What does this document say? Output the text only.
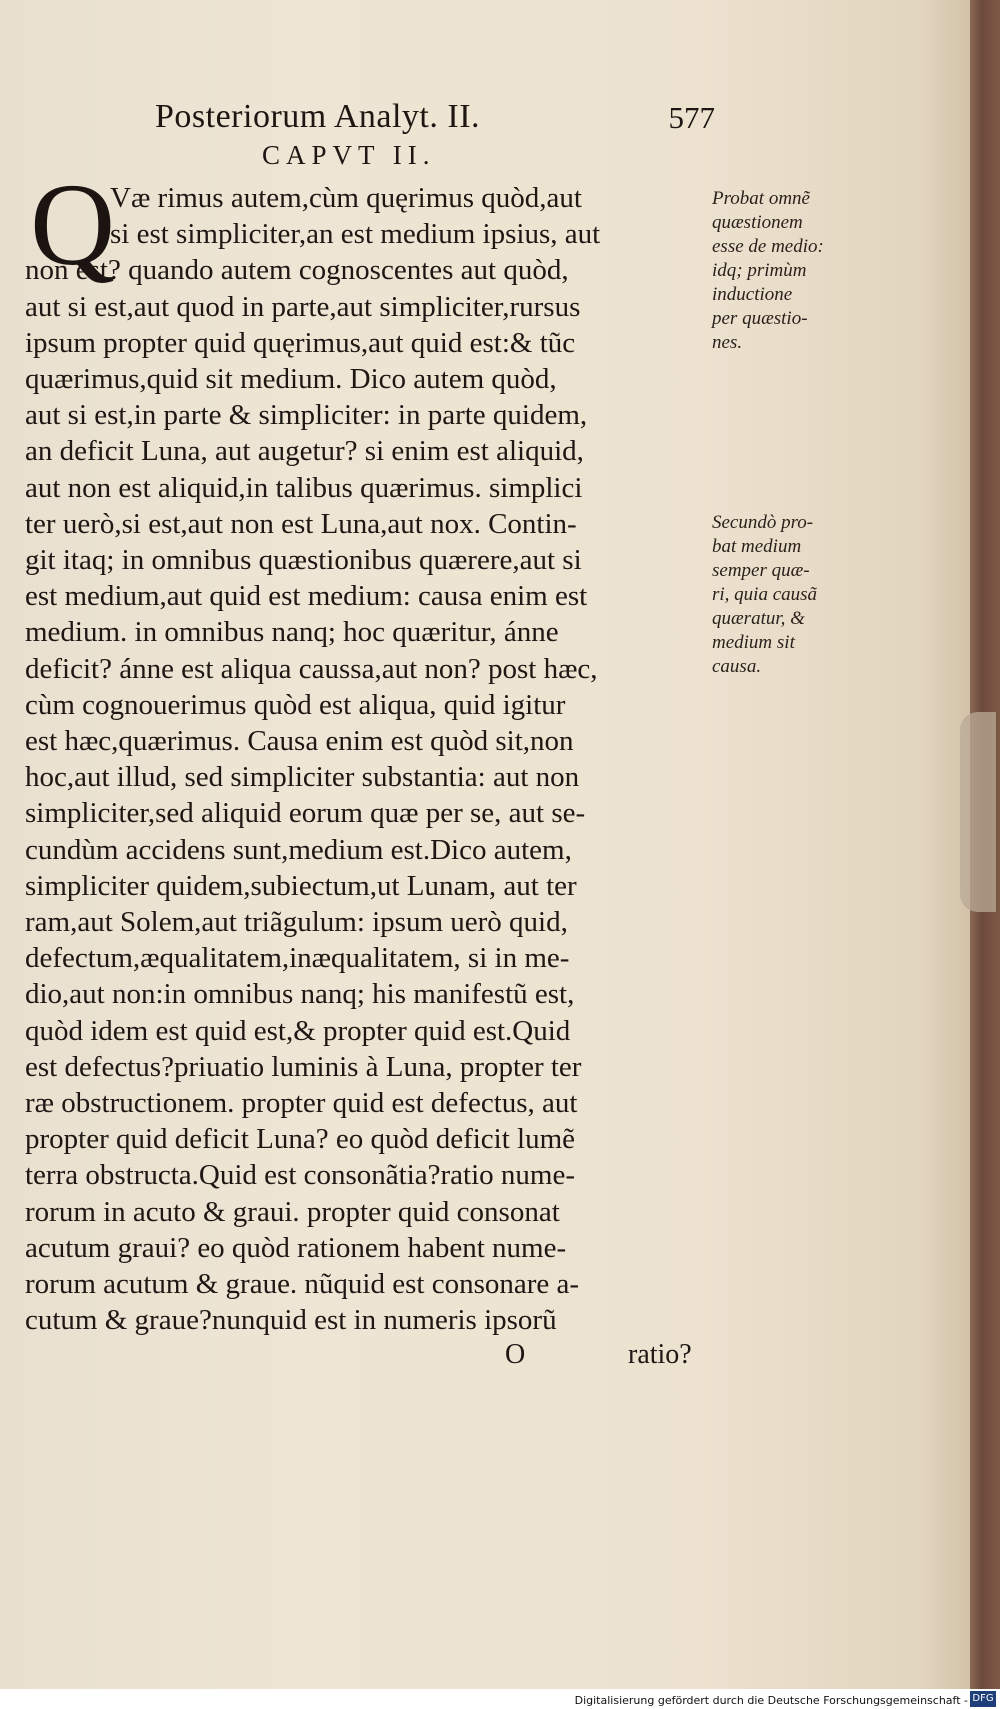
Posteriorum Analyt. II.	577
CAPVT II.
Q
Væ rimus autem,cùm quęrimus quòd,aut
si est simpliciter,an est medium ipsius, aut
non est? quando autem cognoscentes aut quòd,
aut si est,aut quod in parte,aut simpliciter,rursus
ipsum propter quid quęrimus,aut quid est:& tũc
quærimus,quid sit medium. Dico autem quòd,
aut si est,in parte & simpliciter: in parte quidem,
an deficit Luna, aut augetur? si enim est aliquid,
aut non est aliquid,in talibus quærimus. simplici
ter uerò,si est,aut non est Luna,aut nox. Contin-
git itaq; in omnibus quæstionibus quærere,aut si
est medium,aut quid est medium: causa enim est
medium. in omnibus nanq; hoc quæritur, ánne
deficit? ánne est aliqua caussa,aut non? post hæc,
cùm cognouerimus quòd est aliqua, quid igitur
est hæc,quærimus. Causa enim est quòd sit,non
hoc,aut illud, sed simpliciter substantia: aut non
simpliciter,sed aliquid eorum quæ per se, aut se-
cundùm accidens sunt,medium est.Dico autem,
simpliciter quidem,subiectum,ut Lunam, aut ter
ram,aut Solem,aut triãgulum: ipsum uerò quid,
defectum,æqualitatem,inæqualitatem, si in me-
dio,aut non:in omnibus nanq; his manifestũ est,
quòd idem est quid est,& propter quid est.Quid
est defectus?priuatio luminis à Luna, propter ter
ræ obstructionem. propter quid est defectus, aut
propter quid deficit Luna? eo quòd deficit lumẽ
terra obstructa.Quid est consonãtia?ratio nume-
rorum in acuto & graui. propter quid consonat
acutum graui? eo quòd rationem habent nume-
rorum acutum & graue. nũquid est consonare a-
cutum & graue?nunquid est in numeris ipsorũ
Probat omnẽ
quæstionem
esse de medio:
idq; primùm
inductione
per quæstio-
nes.
Secundò pro-
bat medium
semper quæ-
ri, quia causã
quæratur, &
medium sit
causa.
O	ratio?
Digitalisierung gefördert durch die Deutsche Forschungsgemeinschaft - DFG
